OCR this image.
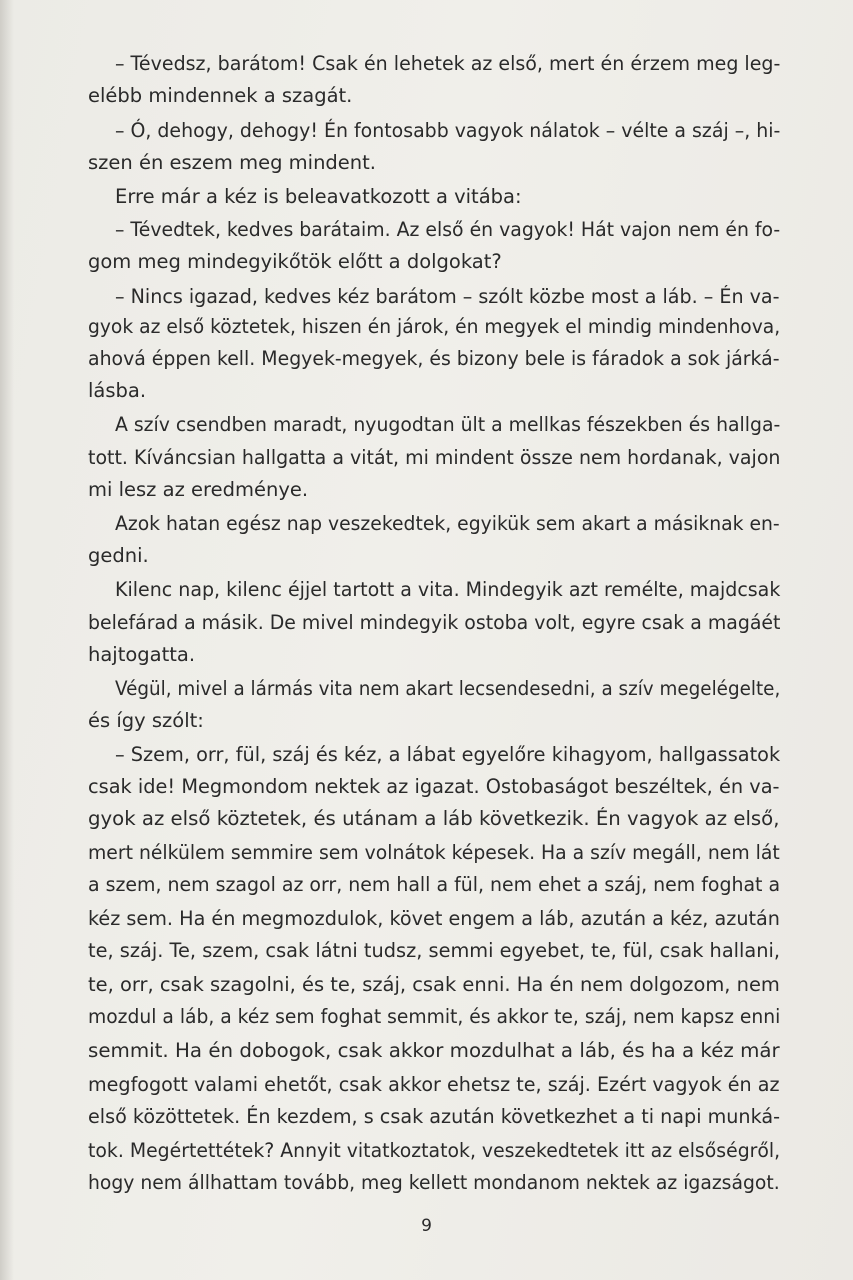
– Tévedsz, barátom! Csak én lehetek az első, mert én érzem meg leg-
elébb mindennek a szagát.
– Ó, dehogy, dehogy! Én fontosabb vagyok nálatok – vélte a száj –, hi-
szen én eszem meg mindent.
Erre már a kéz is beleavatkozott a vitába:
– Tévedtek, kedves barátaim. Az első én vagyok! Hát vajon nem én fo-
gom meg mindegyikőtök előtt a dolgokat?
– Nincs igazad, kedves kéz barátom – szólt közbe most a láb. – Én va-
gyok az első köztetek, hiszen én járok, én megyek el mindig mindenhova,
ahová éppen kell. Megyek-megyek, és bizony bele is fáradok a sok járká-
lásba.
A szív csendben maradt, nyugodtan ült a mellkas fészekben és hallga-
tott. Kíváncsian hallgatta a vitát, mi mindent össze nem hordanak, vajon
mi lesz az eredménye.
Azok hatan egész nap veszekedtek, egyikük sem akart a másiknak en-
gedni.
Kilenc nap, kilenc éjjel tartott a vita. Mindegyik azt remélte, majdcsak
belefárad a másik. De mivel mindegyik ostoba volt, egyre csak a magáét
hajtogatta.
Végül, mivel a lármás vita nem akart lecsendesedni, a szív megelégelte,
és így szólt:
– Szem, orr, fül, száj és kéz, a lábat egyelőre kihagyom, hallgassatok
csak ide! Megmondom nektek az igazat. Ostobaságot beszéltek, én va-
gyok az első köztetek, és utánam a láb következik. Én vagyok az első,
mert nélkülem semmire sem volnátok képesek. Ha a szív megáll, nem lát
a szem, nem szagol az orr, nem hall a fül, nem ehet a száj, nem foghat a
kéz sem. Ha én megmozdulok, követ engem a láb, azután a kéz, azután
te, száj. Te, szem, csak látni tudsz, semmi egyebet, te, fül, csak hallani,
te, orr, csak szagolni, és te, száj, csak enni. Ha én nem dolgozom, nem
mozdul a láb, a kéz sem foghat semmit, és akkor te, száj, nem kapsz enni
semmit. Ha én dobogok, csak akkor mozdulhat a láb, és ha a kéz már
megfogott valami ehetőt, csak akkor ehetsz te, száj. Ezért vagyok én az
első közöttetek. Én kezdem, s csak azután következhet a ti napi munká-
tok. Megértettétek? Annyit vitatkoztatok, veszekedtetek itt az elsőségről,
hogy nem állhattam tovább, meg kellett mondanom nektek az igazságot.
9
